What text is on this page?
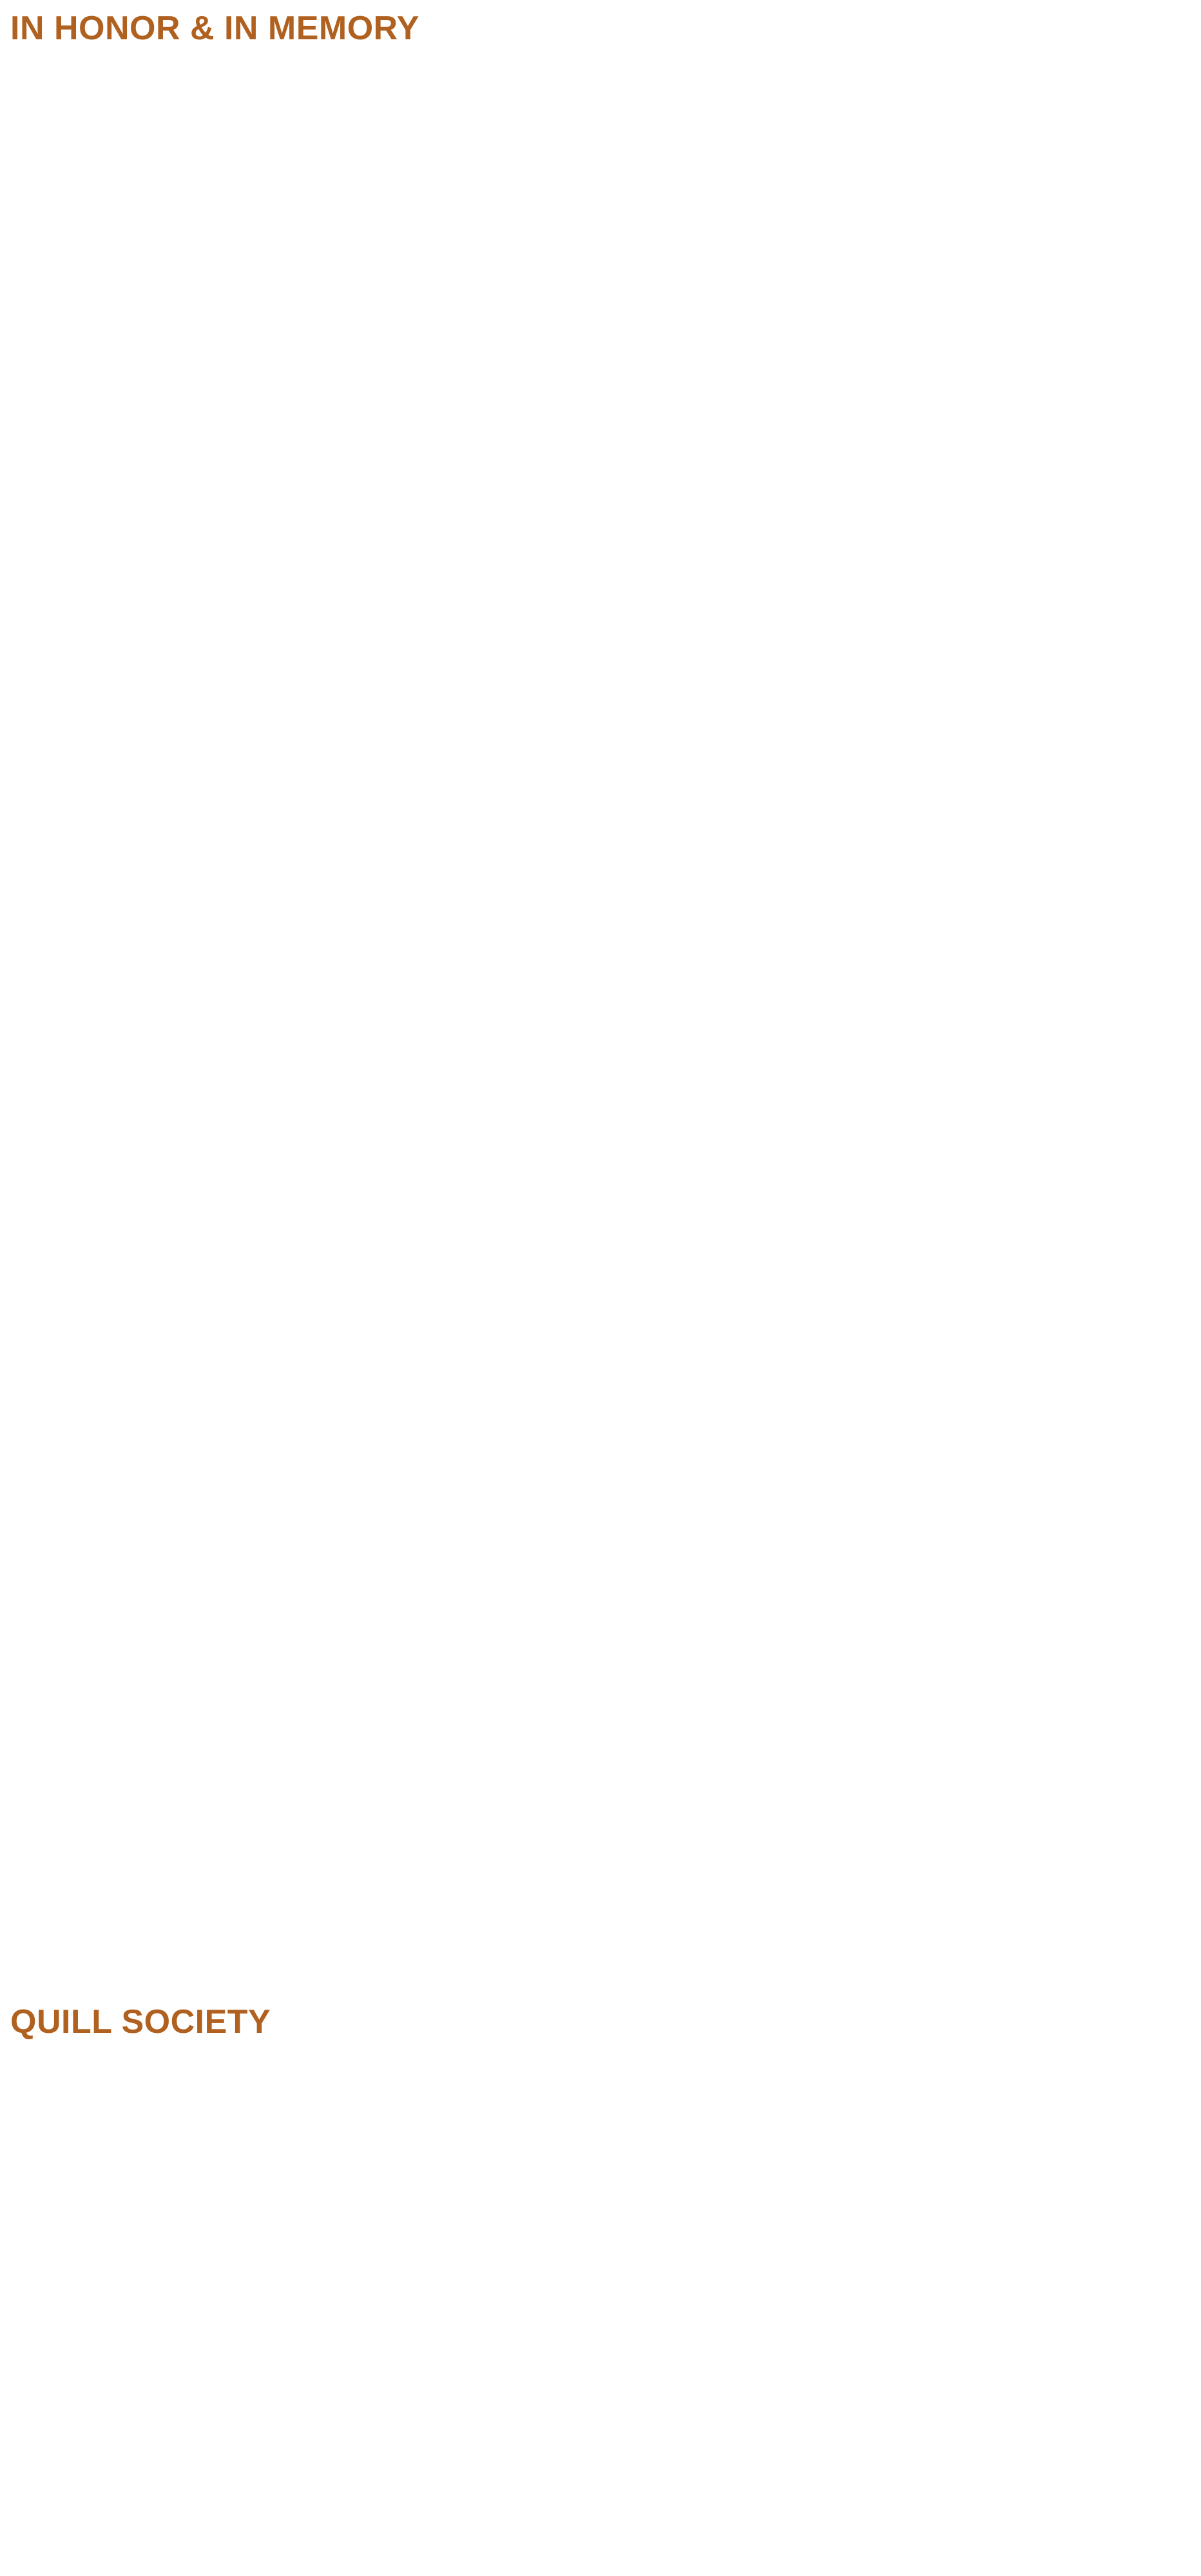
IN HONOR & IN MEMORY
QUILL SOCIETY
